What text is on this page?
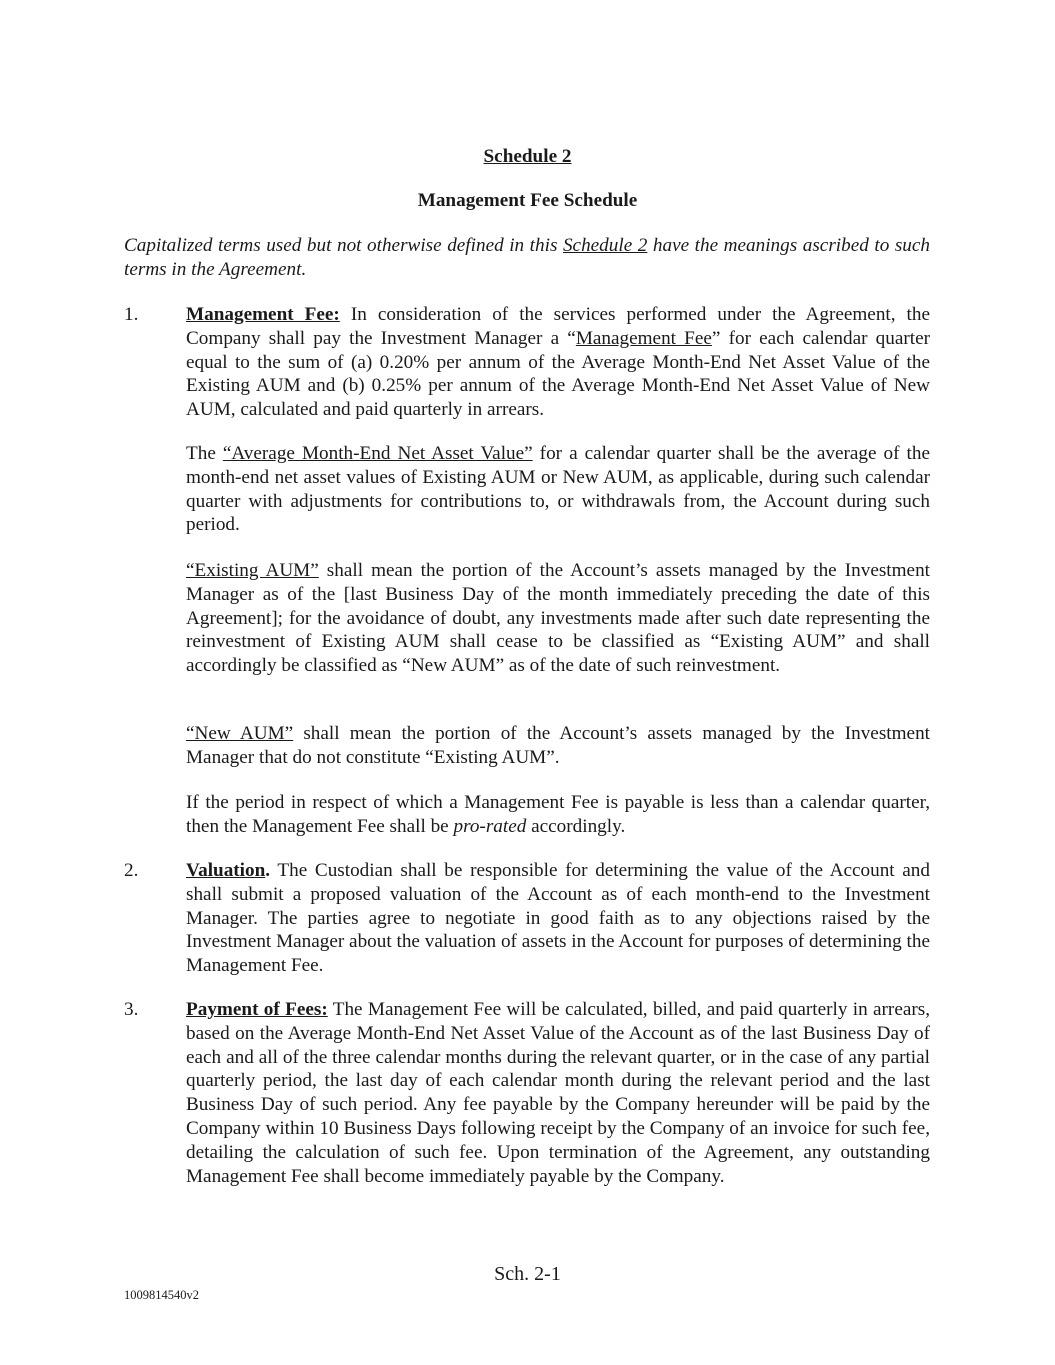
Schedule 2
Management Fee Schedule
Capitalized terms used but not otherwise defined in this Schedule 2 have the meanings ascribed to such terms in the Agreement.
1. Management Fee: In consideration of the services performed under the Agreement, the Company shall pay the Investment Manager a “Management Fee” for each calendar quarter equal to the sum of (a) 0.20% per annum of the Average Month-End Net Asset Value of the Existing AUM and (b) 0.25% per annum of the Average Month-End Net Asset Value of New AUM, calculated and paid quarterly in arrears.
The “Average Month-End Net Asset Value” for a calendar quarter shall be the average of the month-end net asset values of Existing AUM or New AUM, as applicable, during such calendar quarter with adjustments for contributions to, or withdrawals from, the Account during such period.
“Existing AUM” shall mean the portion of the Account’s assets managed by the Investment Manager as of the [last Business Day of the month immediately preceding the date of this Agreement]; for the avoidance of doubt, any investments made after such date representing the reinvestment of Existing AUM shall cease to be classified as “Existing AUM” and shall accordingly be classified as “New AUM” as of the date of such reinvestment.
“New AUM” shall mean the portion of the Account’s assets managed by the Investment Manager that do not constitute “Existing AUM”.
If the period in respect of which a Management Fee is payable is less than a calendar quarter, then the Management Fee shall be pro-rated accordingly.
2. Valuation. The Custodian shall be responsible for determining the value of the Account and shall submit a proposed valuation of the Account as of each month-end to the Investment Manager. The parties agree to negotiate in good faith as to any objections raised by the Investment Manager about the valuation of assets in the Account for purposes of determining the Management Fee.
3. Payment of Fees: The Management Fee will be calculated, billed, and paid quarterly in arrears, based on the Average Month-End Net Asset Value of the Account as of the last Business Day of each and all of the three calendar months during the relevant quarter, or in the case of any partial quarterly period, the last day of each calendar month during the relevant period and the last Business Day of such period. Any fee payable by the Company hereunder will be paid by the Company within 10 Business Days following receipt by the Company of an invoice for such fee, detailing the calculation of such fee. Upon termination of the Agreement, any outstanding Management Fee shall become immediately payable by the Company.
Sch. 2-1
1009814540v2
